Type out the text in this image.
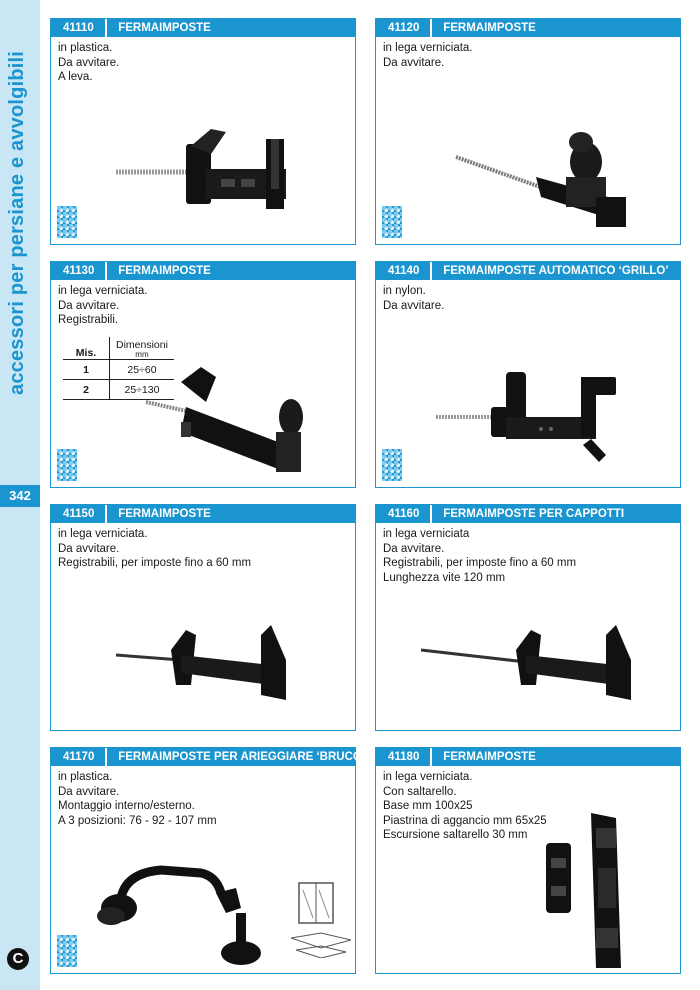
accessori per persiane e avvolgibili
342
C
41110 FERMAIMPOSTE
in plastica.
Da avvitare.
A leva.
41120 FERMAIMPOSTE
in lega verniciata.
Da avvitare.
41130 FERMAIMPOSTE
in lega verniciata.
Da avvitare.
Registrabili.
Mis.	Dimensioni
mm

1	25÷60
2	25÷130
41140 FERMAIMPOSTE AUTOMATICO ‘GRILLO’
in nylon.
Da avvitare.
41150 FERMAIMPOSTE
in lega verniciata.
Da avvitare.
Registrabili, per imposte fino a 60 mm
41160 FERMAIMPOSTE PER CAPPOTTI
in lega verniciata
Da avvitare.
Registrabili, per imposte fino a 60 mm
Lunghezza vite 120 mm
41170 FERMAIMPOSTE PER ARIEGGIARE ‘BRUCO’
in plastica.
Da avvitare.
Montaggio interno/esterno.
A 3 posizioni: 76 - 92 - 107 mm
41180 FERMAIMPOSTE
in lega verniciata.
Con saltarello.
Base mm 100x25
Piastrina di aggancio mm 65x25
Escursione saltarello 30 mm
